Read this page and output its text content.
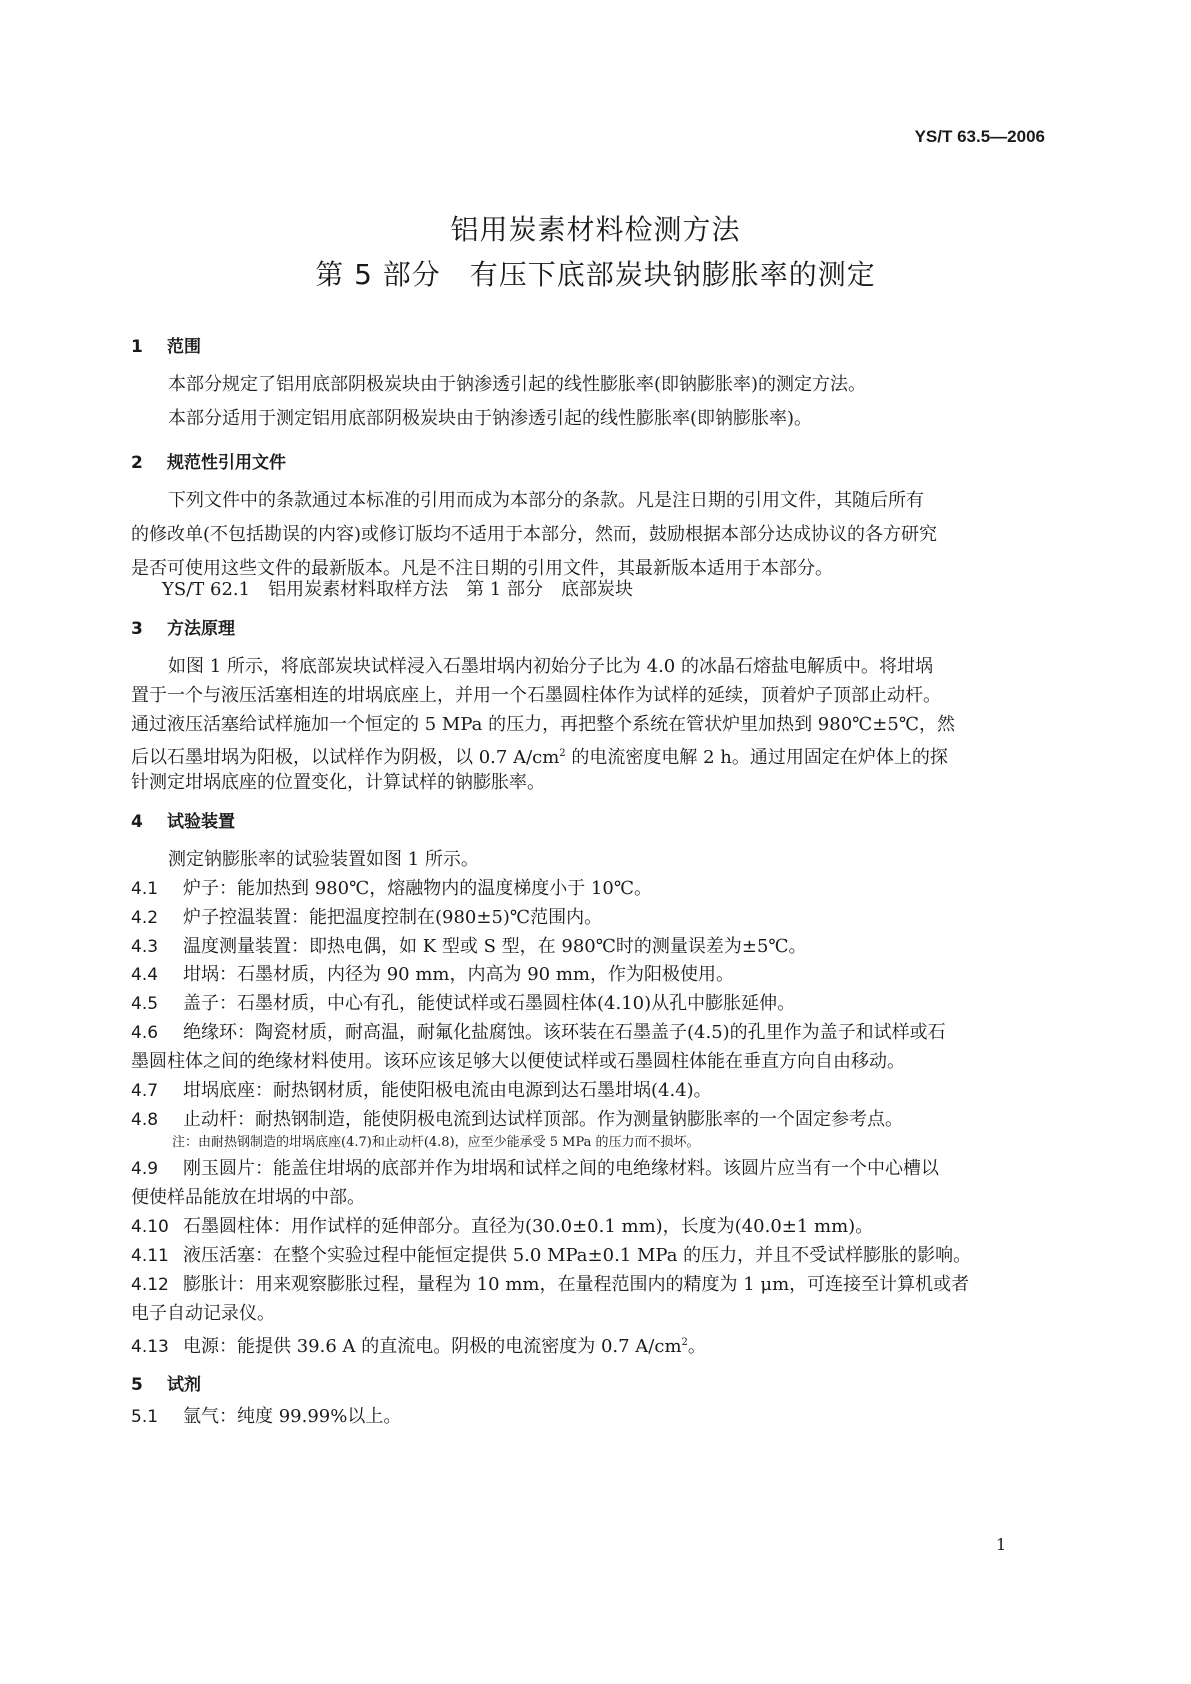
YS/T 63.5—2006
铝用炭素材料检测方法
第 5 部分　有压下底部炭块钠膨胀率的测定
1 范围
本部分规定了铝用底部阴极炭块由于钠渗透引起的线性膨胀率(即钠膨胀率)的测定方法。
本部分适用于测定铝用底部阴极炭块由于钠渗透引起的线性膨胀率(即钠膨胀率)。
2 规范性引用文件
下列文件中的条款通过本标准的引用而成为本部分的条款。凡是注日期的引用文件，其随后所有
的修改单(不包括勘误的内容)或修订版均不适用于本部分，然而，鼓励根据本部分达成协议的各方研究
是否可使用这些文件的最新版本。凡是不注日期的引用文件，其最新版本适用于本部分。
YS/T 62.1　铝用炭素材料取样方法　第 1 部分　底部炭块
3 方法原理
如图 1 所示，将底部炭块试样浸入石墨坩埚内初始分子比为 4.0 的冰晶石熔盐电解质中。将坩埚
置于一个与液压活塞相连的坩埚底座上，并用一个石墨圆柱体作为试样的延续，顶着炉子顶部止动杆。
通过液压活塞给试样施加一个恒定的 5 MPa 的压力，再把整个系统在管状炉里加热到 980℃±5℃，然
后以石墨坩埚为阳极，以试样作为阴极，以 0.7 $A/cm^2$ 的电流密度电解 2 h。通过用固定在炉体上的探
针测定坩埚底座的位置变化，计算试样的钠膨胀率。
4 试验装置
测定钠膨胀率的试验装置如图 1 所示。
4.1 炉子：能加热到 980℃，熔融物内的温度梯度小于 10℃。
4.2 炉子控温装置：能把温度控制在(980±5)℃范围内。
4.3 温度测量装置：即热电偶，如 K 型或 S 型，在 980℃时的测量误差为±5℃。
4.4 坩埚：石墨材质，内径为 90 mm，内高为 90 mm，作为阳极使用。
4.5 盖子：石墨材质，中心有孔，能使试样或石墨圆柱体(4.10)从孔中膨胀延伸。
4.6 绝缘环：陶瓷材质，耐高温，耐氟化盐腐蚀。该环装在石墨盖子(4.5)的孔里作为盖子和试样或石
墨圆柱体之间的绝缘材料使用。该环应该足够大以便使试样或石墨圆柱体能在垂直方向自由移动。
4.7 坩埚底座：耐热钢材质，能使阳极电流由电源到达石墨坩埚(4.4)。
4.8 止动杆：耐热钢制造，能使阴极电流到达试样顶部。作为测量钠膨胀率的一个固定参考点。
注：由耐热钢制造的坩埚底座(4.7)和止动杆(4.8)，应至少能承受 5 MPa 的压力而不损坏。
4.9 刚玉圆片：能盖住坩埚的底部并作为坩埚和试样之间的电绝缘材料。该圆片应当有一个中心槽以
便使样品能放在坩埚的中部。
4.10 石墨圆柱体：用作试样的延伸部分。直径为(30.0±0.1 mm)，长度为(40.0±1 mm)。
4.11 液压活塞：在整个实验过程中能恒定提供 5.0 MPa±0.1 MPa 的压力，并且不受试样膨胀的影响。
4.12 膨胀计：用来观察膨胀过程，量程为 10 mm，在量程范围内的精度为 1 μm，可连接至计算机或者
电子自动记录仪。
4.13 电源：能提供 39.6 A 的直流电。阴极的电流密度为 0.7 $A/cm^2$。
5 试剂
5.1 氩气：纯度 99.99%以上。
1
